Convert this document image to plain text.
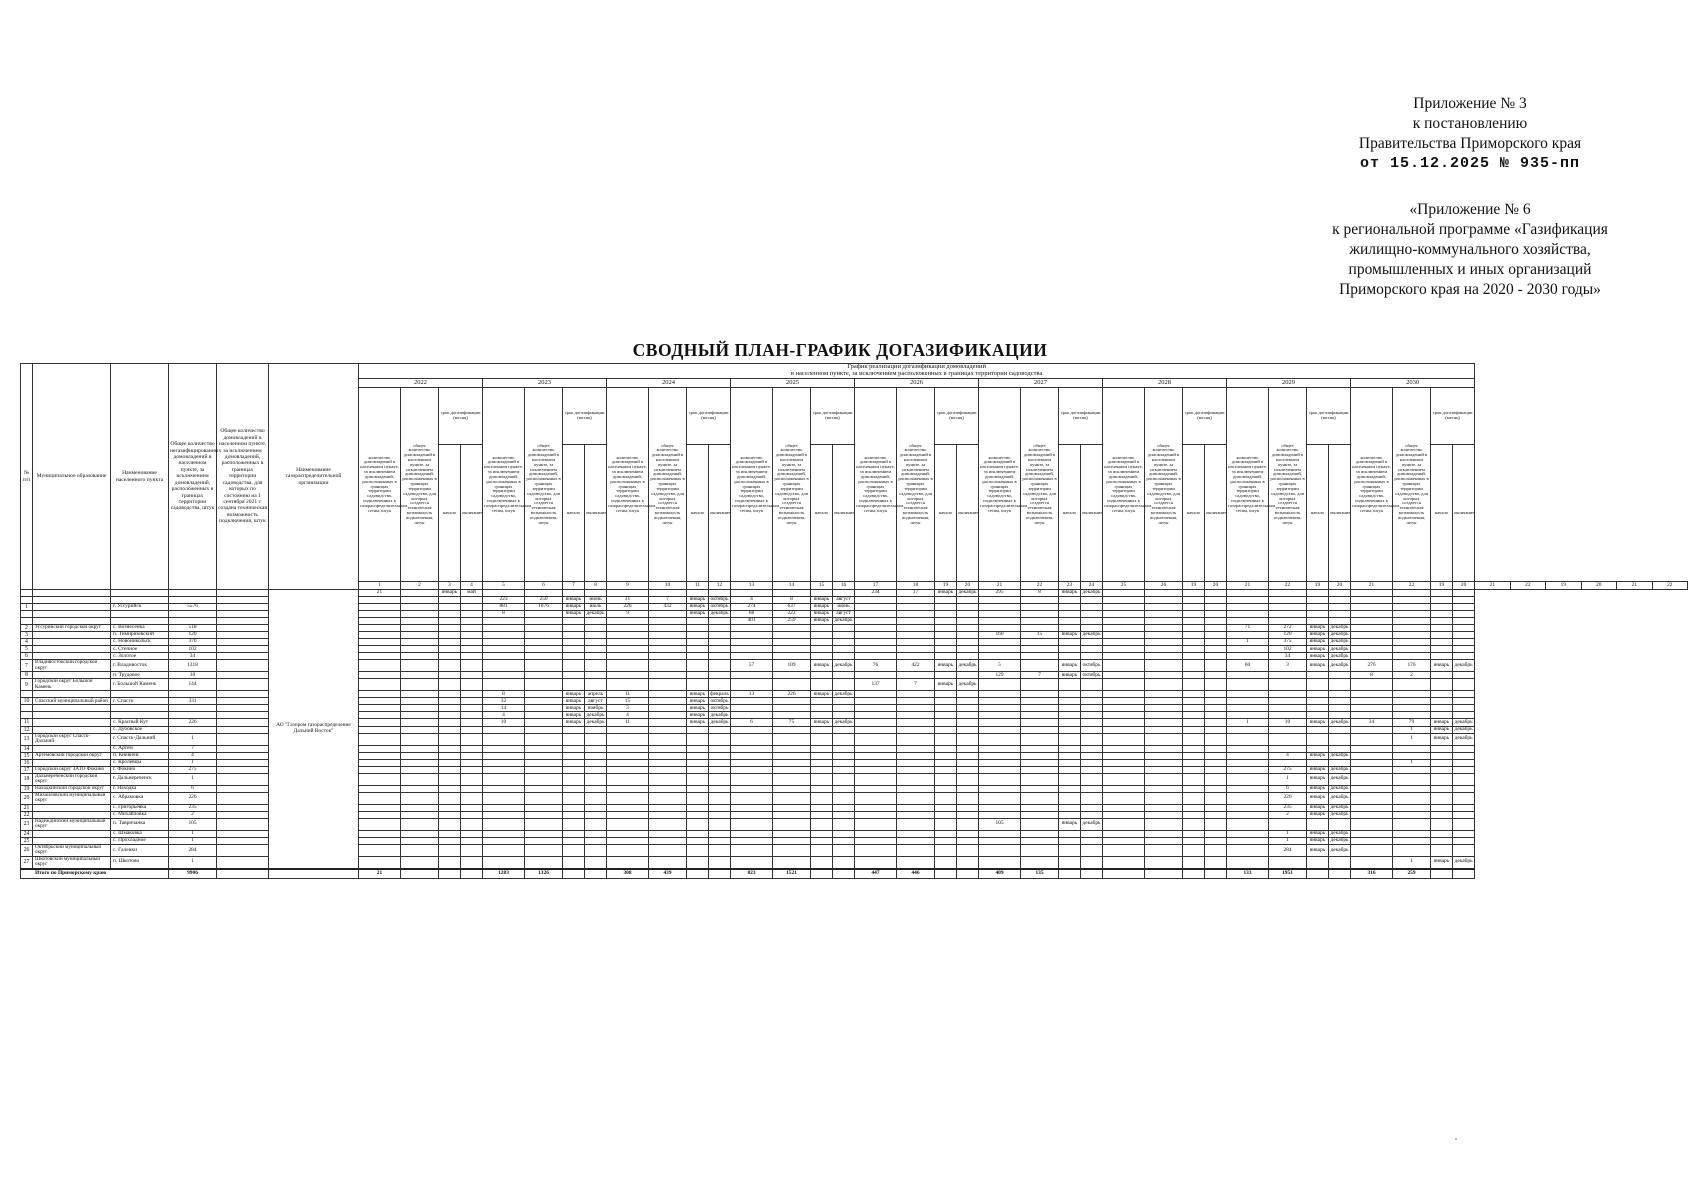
Приложение № 3
к постановлению
Правительства Приморского края
от 15.12.2025 № 935-пп
«Приложение № 6
к региональной программе «Газификация
жилищно-коммунального хозяйства,
промышленных и иных организаций
Приморского края на 2020 - 2030 годы»
СВОДНЫЙ ПЛАН-ГРАФИК ДОГАЗИФИКАЦИИ
№ п/п	Муниципальное образование	Наименование населенного пункта	Общее количество негазифицированных домовладений в населенном пункте, за исключением домовладений, расположенных в границах территории садоводства, штук	Общее количество домовладений в населенном пункте, за исключением домовладений, расположенных в границах территории садоводства, для которых по состоянию на 1 сентября 2021 г. создана техническая возможность подключения, штук	Наименование газораспределительной организации	График реализации догазификации домовладений
в населенном пункте, за исключением расположенных в границах территории садоводства																																									
						2022				2023				2024				2025				2026				2027				2028				2029				2030									
						количество домовладений в населенном пункте, за исключением домовладений, расположенных в границах территории садоводства, подключенных к газораспределительным сетям, штук	общее количество домовладений в населенном пункте, за исключением домовладений, расположенных в границах территории садоводства, для которых создается техническая возможность подключения, штук	срок догазификации (месяц)		количество домовладений в населенном пункте, за исключением домовладений, расположенных в границах территории садоводства, подключенных к газораспределительным сетям, штук	общее количество домовладений в населенном пункте, за исключением домовладений, расположенных в границах территории садоводства, для которых создается техническая возможность подключения, штук	срок догазификации (месяц)		количество домовладений в населенном пункте, за исключением домовладений, расположенных в границах территории садоводства, подключенных к газораспределительным сетям, штук	общее количество домовладений в населенном пункте, за исключением домовладений, расположенных в границах территории садоводства, для которых создается техническая возможность подключения, штук	срок догазификации (месяц)		количество домовладений в населенном пункте, за исключением домовладений, расположенных в границах территории садоводства, подключенных к газораспределительным сетям, штук	общее количество домовладений в населенном пункте, за исключением домовладений, расположенных в границах территории садоводства, для которых создается техническая возможность подключения, штук	срок догазификации (месяц)		количество домовладений в населенном пункте, за исключением домовладений, расположенных в границах территории садоводства, подключенных к газораспределительным сетям, штук	общее количество домовладений в населенном пункте, за исключением домовладений, расположенных в границах территории садоводства, для которых создается техническая возможность подключения, штук	срок догазификации (месяц)		количество домовладений в населенном пункте, за исключением домовладений, расположенных в границах территории садоводства, подключенных к газораспределительным сетям, штук	общее количество домовладений в населенном пункте, за исключением домовладений, расположенных в границах территории садоводства, для которых создается техническая возможность подключения, штук	срок догазификации (месяц)		количество домовладений в населенном пункте, за исключением домовладений, расположенных в границах территории садоводства, подключенных к газораспределительным сетям, штук	общее количество домовладений в населенном пункте, за исключением домовладений, расположенных в границах территории садоводства, для которых создается техническая возможность подключения, штук	срок догазификации (месяц)		количество домовладений в населенном пункте, за исключением домовладений, расположенных в границах территории садоводства, подключенных к газораспределительным сетям, штук	общее количество домовладений в населенном пункте, за исключением домовладений, расположенных в границах территории садоводства, для которых создается техническая возможность подключения, штук	срок догазификации (месяц)		количество домовладений в населенном пункте, за исключением домовладений, расположенных в границах территории садоводства, подключенных к газораспределительным сетям, штук	общее количество домовладений в населенном пункте, за исключением домовладений, расположенных в границах территории садоводства, для которых создается техническая возможность подключения, штук	срок догазификации (месяц)							
								начало	окончание			начало	окончание			начало	окончание			начало	окончание			начало	окончание			начало	окончание			начало	окончание			начало	окончание			начало	окончание						
						1	2	3	4	5	6	7	8	9	10	11	12	13	14	15	16	17	18	19	20	21	22	23	24	25	26	19	20	21	22	19	20	21	22	19	20	21	22	19	20	21	22
					АО "Газпром газораспределение Дальний Восток"	21		январь	май													234	17	январь	декабрь	295	8	январь	декабрь																		
										223	250	январь	июнь	31	7	январь	октябрь	4	8	январь	август																										
1		г. Уссурийск	5576							881	1076	январь	июль	226	432	январь	октябрь	274	637	январь	июнь																										
										8		январь	декабрь	9		январь	декабрь	68	222	январь	август																										
																		401	259	январь	декабрь																										
2	Уссурийский городской округ	с. Вознесенка	518																															71	272	январь	декабрь										
3		п. Тимирязевский	120																							160	15	январь	декабрь						120	январь	декабрь										
4		с. Новоникольск	376																															1	375	январь	декабрь										
5		с. Степное	102																																102	январь	декабрь										
6		с. Золотое	34																																34	январь	декабрь										
7	Владивостокский городской округ	г. Владивосток	1318															57	109	январь	декабрь	76	422	январь	декабрь	5		январь	октябрь					60	3	январь	декабрь	276	176	январь	декабрь						
8		п. Трудовое	10																							129	7	январь	октябрь									8	2								
9	Городской округ Большой Камень	г. Большой Камень	144																			137	7	январь	декабрь																						
										8		январь	апрель	11		январь	февраль	13	226	январь	декабрь																										
10	Спасский муниципальный район	г. Спасск	331							32		январь	август	15		январь	октябрь																														
										14		январь	ноябрь	3		январь	октябрь																														
										4		январь	декабрь	4		январь	декабрь																														
11		с. Красный Кут	226							10		январь	декабрь	11		январь	декабрь	6	75	январь	декабрь													1	10	январь	декабрь	34	79	январь	декабрь						
12		с. Дубовское																																					1	январь	декабрь						
13	Городской округ Спасск-Дальний	г. Спасск-Дальний	1																																				1	январь	декабрь						
14		с. Артем	7																																												
15	Артемовский городской округ	п. Кневичи	4																																4	январь	декабрь										
16		с. Кролевцы	1																																				1								
17	Городской округ ЗАТО Фокино	г. Фокино	275																																275	январь	декабрь										
18	Дальнереченский городской округ	г. Дальнереченск	1																																1	январь	декабрь										
19	Находкинский городской округ	г. Находка	6																																6	январь	декабрь										
20	Михайловский муниципальный округ	с. Абрамовка	226																																226	январь	декабрь										
21		с. Григорьевка	235																																235	январь	декабрь										
22		с. Михайловка	2																																2	январь	декабрь										
23	Надеждинский муниципальный округ	п. Тавричанка	105																							105		январь	декабрь																		
24		с. Шмаковка	1																																1	январь	декабрь										
25		с. Прохладное	1																																1	январь	декабрь										
26	Октябрьский муниципальный округ	с. Галенки	284																																284	январь	декабрь										
27	Шкотовский муниципальный округ	п. Шкотово	1																																				1	январь	декабрь						
Итого по Приморскому краю			9906			21				1283	1326			308	439			823	1521			447	446			409	135							133	1951			316	259								
